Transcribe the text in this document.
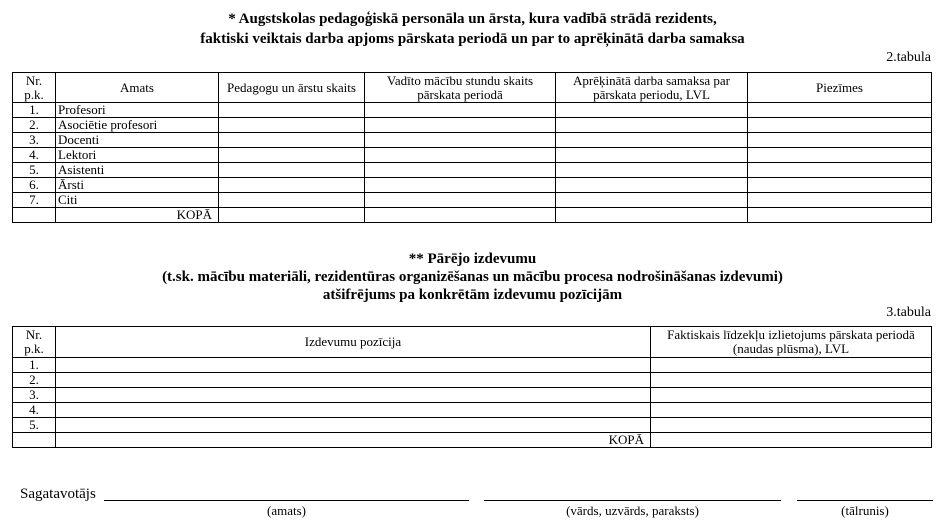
* Augstskolas pedagoģiskā personāla un ārsta, kura vadībā strādā rezidents,
faktiski veiktais darba apjoms pārskata periodā un par to aprēķinātā darba samaksa
2.tabula
Nr. p.k.	Amats	Pedagogu un ārstu skaits	Vadīto mācību stundu skaits pārskata periodā	Aprēķinātā darba samaksa par pārskata periodu, LVL	Piezīmes
1.	Profesori				
2.	Asociētie profesori				
3.	Docenti				
4.	Lektori				
5.	Asistenti				
6.	Ārsti				
7.	Citi				
	KOPĀ				
** Pārējo izdevumu
(t.sk. mācību materiāli, rezidentūras organizēšanas un mācību procesa nodrošināšanas izdevumi)
atšifrējums pa konkrētām izdevumu pozīcijām
3.tabula
Nr. p.k.	Izdevumu pozīcija	Faktiskais līdzekļu izlietojums pārskata periodā (naudas plūsma), LVL
1.		
2.		
3.		
4.		
5.		
	KOPĀ	
Sagatavotājs
(amats)	(vārds, uzvārds, paraksts)	(tālrunis)
